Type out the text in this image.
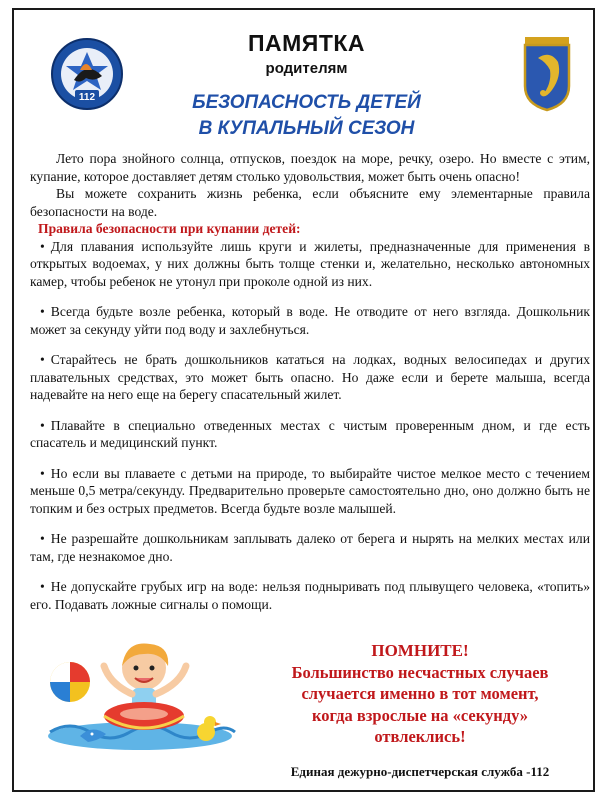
112
ПАМЯТКА
родителям
БЕЗОПАСНОСТЬ ДЕТЕЙ
В КУПАЛЬНЫЙ СЕЗОН

Лето пора знойного солнца, отпусков, поездок на море, речку, озеро. Но вместе с этим, купание, которое доставляет детям столько удовольствия, может быть очень опасно!

Вы можете сохранить жизнь ребенка, если объясните ему элементарные правила безопасности на воде.

Правила безопасности при купании детей:

• Для плавания используйте лишь круги и жилеты, предназначенные для применения в открытых водоемах, у них должны быть толще стенки и, желательно, несколько автономных камер, чтобы ребенок не утонул при проколе одной из них.

• Всегда будьте возле ребенка, который в воде. Не отводите от него взгляда. Дошкольник может за секунду уйти под воду и захлебнуться.

• Старайтесь не брать дошкольников кататься на лодках, водных велосипедах и других плавательных средствах, это может быть опасно. Но даже если и берете малыша, всегда надевайте на него еще на берегу спасательный жилет.

• Плавайте в специально отведенных местах с чистым проверенным дном, и где есть спасатель и медицинский пункт.

• Но если вы плаваете с детьми на природе, то выбирайте чистое мелкое место с течением меньше 0,5 метра/секунду. Предварительно проверьте самостоятельно дно, оно должно быть не топким и без острых предметов. Всегда будьте возле малышей.

• Не разрешайте дошкольникам заплывать далеко от берега и нырять на мелких местах или там, где незнакомое дно.

• Не допускайте грубых игр на воде: нельзя подныривать под плывущего человека, «топить» его. Подавать ложные сигналы о помощи.

ПОМНИТЕ!
Большинство несчастных случаев
случается именно в тот момент,
когда взрослые на «секунду»
отвлеклись!
Единая дежурно-диспетчерская служба -112
